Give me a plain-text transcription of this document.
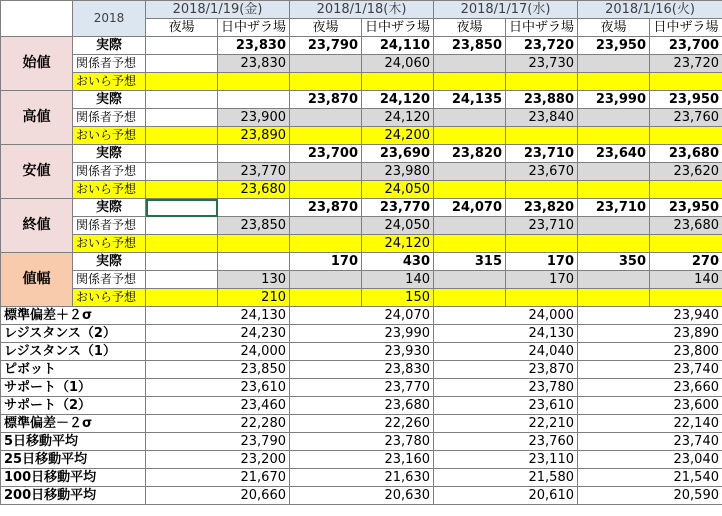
	2018	2018/1/19(金)		2018/1/18(木)		2018/1/17(水)		2018/1/16(火)	
		夜場	日中ザラ場	夜場	日中ザラ場	夜場	日中ザラ場	夜場	日中ザラ場
始値	実際		23,830	23,790	24,110	23,850	23,720	23,950	23,700
	関係者予想		23,830		24,060		23,730		23,720
	おいら予想								
高値	実際			23,870	24,120	24,135	23,880	23,990	23,950
	関係者予想		23,900		24,120		23,840		23,760
	おいら予想		23,890		24,200				
安値	実際			23,700	23,690	23,820	23,710	23,640	23,680
	関係者予想		23,770		23,980		23,670		23,620
	おいら予想		23,680		24,050				
終値	実際			23,870	23,770	24,070	23,820	23,710	23,950
	関係者予想		23,850		24,050		23,710		23,680
	おいら予想				24,120				
値幅	実際			170	430	315	170	350	270
	関係者予想		130		140		170		140
	おいら予想		210		150				
標準偏差＋２σ		24,130		24,070		24,000		23,940	
レジスタンス（2）		24,230		23,990		24,130		23,890	
レジスタンス（1）		24,000		23,930		24,040		23,800	
ピボット		23,850		23,830		23,870		23,740	
サポート（1）		23,610		23,770		23,780		23,660	
サポート（2）		23,460		23,680		23,610		23,600	
標準偏差－２σ		22,280		22,260		22,210		22,140	
5日移動平均		23,790		23,780		23,760		23,740	
25日移動平均		23,200		23,160		23,110		23,040	
100日移動平均		21,670		21,630		21,580		21,540	
200日移動平均		20,660		20,630		20,610		20,590	
